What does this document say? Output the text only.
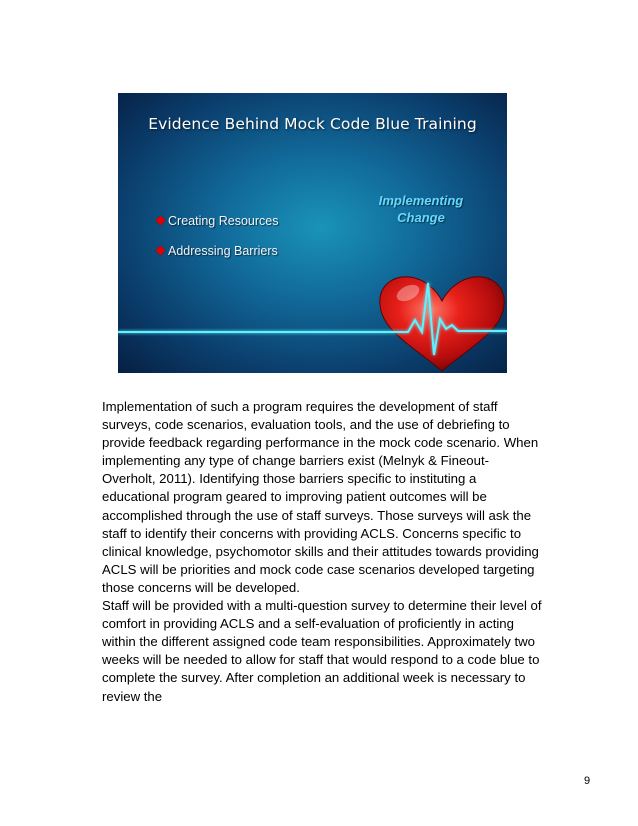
Evidence Behind Mock Code Blue Training
Creating Resources
Addressing Barriers
Implementing
Change

Implementation of such a program requires the development of staff surveys, code scenarios, evaluation tools, and the use of debriefing to provide feedback regarding performance in the mock code scenario. When implementing any type of change barriers exist (Melnyk & Fineout-Overholt, 2011). Identifying those barriers specific to instituting a educational program geared to improving patient outcomes will be accomplished through the use of staff surveys. Those surveys will ask the staff to identify their concerns with providing ACLS. Concerns specific to clinical knowledge, psychomotor skills and their attitudes towards providing ACLS will be priorities and mock code case scenarios developed targeting those concerns will be developed.

Staff will be provided with a multi-question survey to determine their level of comfort in providing ACLS and a self-evaluation of proficiently in acting within the different assigned code team responsibilities. Approximately two weeks will be needed to allow for staff that would respond to a code blue to complete the survey. After completion an additional week is necessary to review the

9
